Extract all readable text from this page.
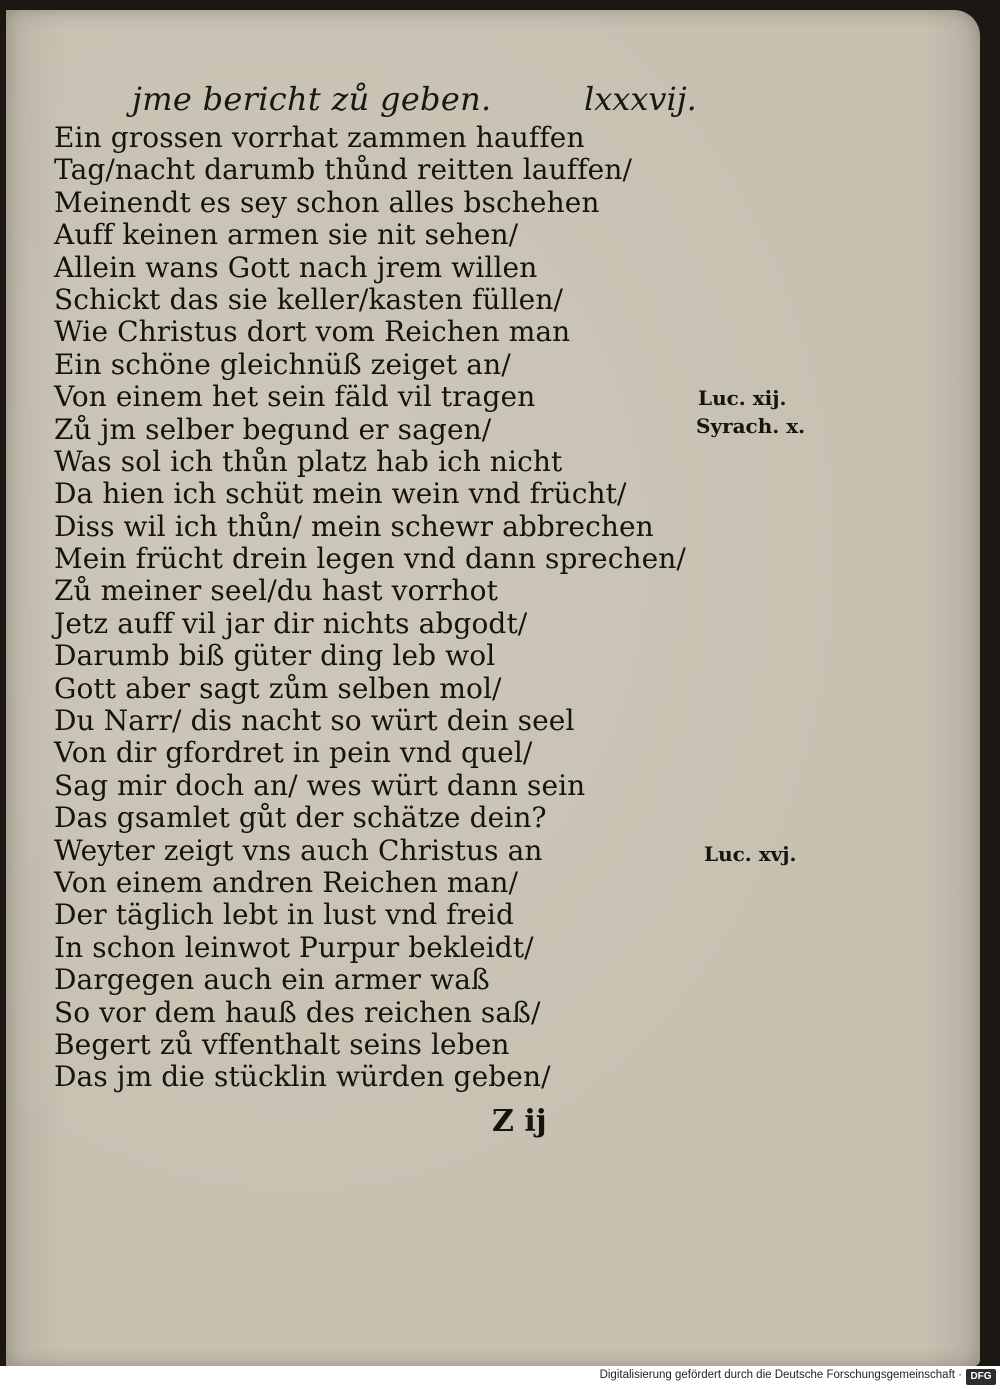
jme bericht zů geben.	lxxxvij.
Ein grossen vorrhat zammen hauffen
Tag/nacht darumb thůnd reitten lauffen/
Meinendt es sey schon alles bschehen
Auff keinen armen sie nit sehen/
Allein wans Gott nach jrem willen
Schickt das sie keller/kasten füllen/
Wie Christus dort vom Reichen man
Ein schöne gleichnüß zeiget an/
Von einem het sein fäld vil tragen
Zů jm selber begund er sagen/
Was sol ich thůn platz hab ich nicht
Da hien ich schüt mein wein vnd frücht/
Diss wil ich thůn/ mein schewr abbrechen
Mein frücht drein legen vnd dann sprechen/
Zů meiner seel/du hast vorrhot
Jetz auff vil jar dir nichts abgodt/
Darumb biß güter ding leb wol
Gott aber sagt zům selben mol/
Du Narr/ dis nacht so würt dein seel
Von dir gfordret in pein vnd quel/
Sag mir doch an/ wes würt dann sein
Das gsamlet gůt der schätze dein?
Weyter zeigt vns auch Christus an
Von einem andren Reichen man/
Der täglich lebt in lust vnd freid
In schon leinwot Purpur bekleidt/
Dargegen auch ein armer waß
So vor dem hauß des reichen saß/
Begert zů vffenthalt seins leben
Das jm die stücklin würden geben/
Luc. xij.
Syrach. x.
Luc. xvj.
Z ij
Digitalisierung gefördert durch die Deutsche Forschungsgemeinschaft · DFG
